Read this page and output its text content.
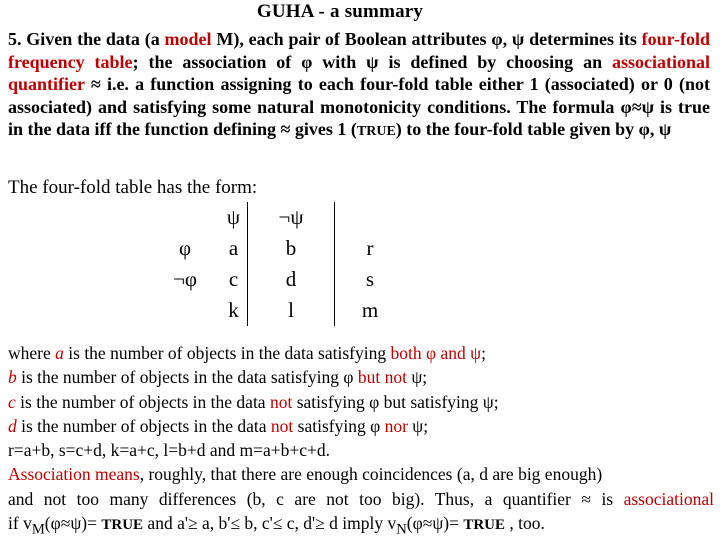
GUHA - a summary
5. Given the data (a model M), each pair of Boolean attributes φ, ψ determines its four-fold frequency table; the association of φ with ψ is defined by choosing an associational quantifier ≈ i.e. a function assigning to each four-fold table either 1 (associated) or 0 (not associated) and satisfying some natural monotonicity conditions. The formula φ≈ψ is true in the data iff the function defining ≈ gives 1 (TRUE) to the four-fold table given by φ, ψ
The four-fold table has the form:
	ψ	¬ψ	
φ	a	b	r
¬φ	c	d	s
	k	l	m
where a is the number of objects in the data satisfying both φ and ψ;
b is the number of objects in the data satisfying φ but not ψ;
c is the number of objects in the data not satisfying φ but satisfying ψ;
d is the number of objects in the data not satisfying φ nor ψ;
r=a+b, s=c+d, k=a+c, l=b+d and m=a+b+c+d.
Association means, roughly, that there are enough coincidences (a, d are big enough)
and not too many differences (b, c are not too big). Thus, a quantifier ≈ is associational
if $v_M(\varphi\approx\psi)=$ TRUE and a'≥ a, b'≤ b, c'≤ c, d'≥ d imply $v_N(\varphi\approx\psi)=$ TRUE , too.
